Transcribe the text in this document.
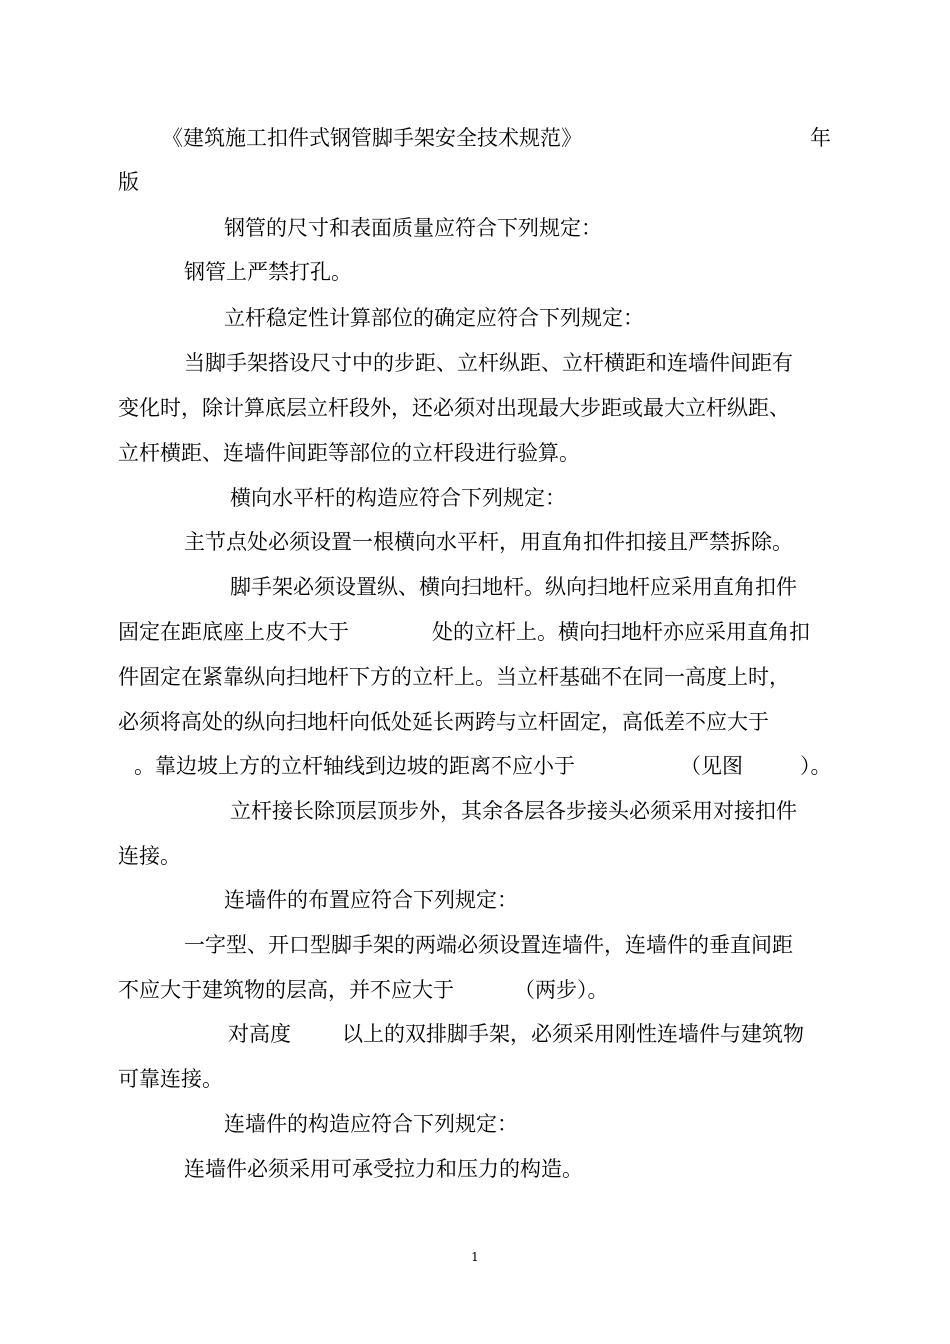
《建筑施工扣件式钢管脚手架安全技术规范》	年

版

钢管的尺寸和表面质量应符合下列规定：

钢管上严禁打孔。

立杆稳定性计算部位的确定应符合下列规定：

当脚手架搭设尺寸中的步距、立杆纵距、立杆横距和连墙件间距有

变化时，除计算底层立杆段外，还必须对出现最大步距或最大立杆纵距、

立杆横距、连墙件间距等部位的立杆段进行验算。

横向水平杆的构造应符合下列规定：

主节点处必须设置一根横向水平杆，用直角扣件扣接且严禁拆除。

脚手架必须设置纵、横向扫地杆。纵向扫地杆应采用直角扣件

固定在距底座上皮不大于	处的立杆上。横向扫地杆亦应采用直角扣

件固定在紧靠纵向扫地杆下方的立杆上。当立杆基础不在同一高度上时，

必须将高处的纵向扫地杆向低处延长两跨与立杆固定，高低差不应大于

。靠边坡上方的立杆轴线到边坡的距离不应小于	（见图	）。

立杆接长除顶层顶步外，其余各层各步接头必须采用对接扣件

连接。

连墙件的布置应符合下列规定：

一字型、开口型脚手架的两端必须设置连墙件，连墙件的垂直间距

不应大于建筑物的层高，并不应大于	（两步）。

对高度 以上的双排脚手架，必须采用刚性连墙件与建筑物

可靠连接。

连墙件的构造应符合下列规定：

连墙件必须采用可承受拉力和压力的构造。

1
